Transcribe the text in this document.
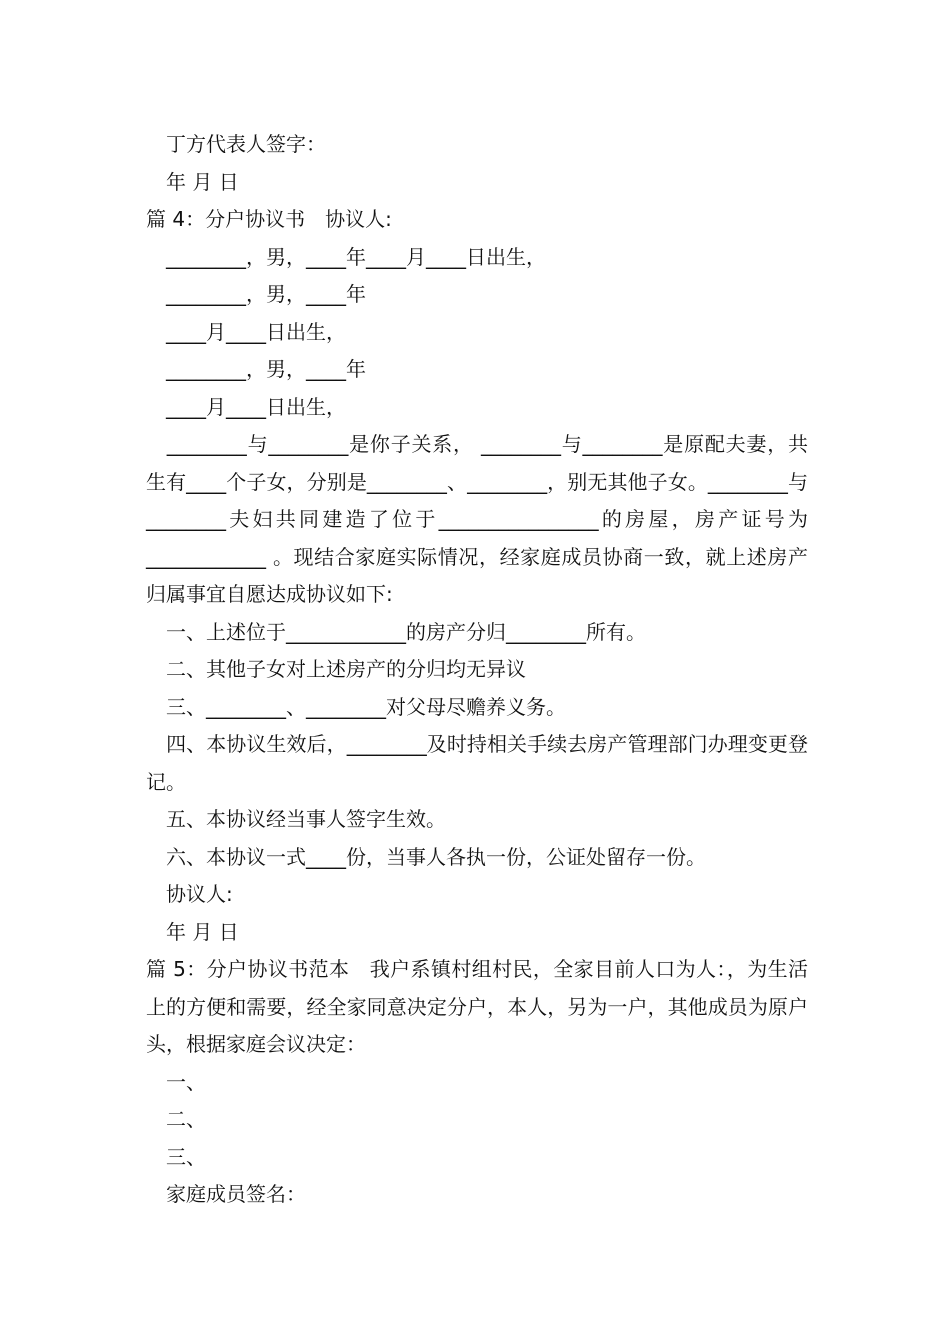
丁方代表人签字：

年 月 日

篇 4：分户协议书　协议人:

________，男，____年____月____日出生，

________，男，____年

____月____日出生，

________，男，____年

____月____日出生，

　________与________是你子关系， ________与________是原配夫妻，共生有____个子女，分别是________、________，别无其他子女。________与________夫妇共同建造了位于________________的房屋，房产证号为____________ 。现结合家庭实际情况，经家庭成员协商一致，就上述房产归属事宜自愿达成协议如下:

一、上述位于____________的房产分归________所有。

二、其他子女对上述房产的分归均无异议

三、________、________对父母尽赡养义务。

　四、本协议生效后，________及时持相关手续去房产管理部门办理变更登记。

五、本协议经当事人签字生效。

六、本协议一式____份，当事人各执一份，公证处留存一份。

协议人:

年 月 日

篇 5：分户协议书范本　我户系镇村组村民，全家目前人口为人：，为生活上的方便和需要，经全家同意决定分户，本人，另为一户，其他成员为原户头，根据家庭会议决定：

一、

二、

三、

家庭成员签名：
